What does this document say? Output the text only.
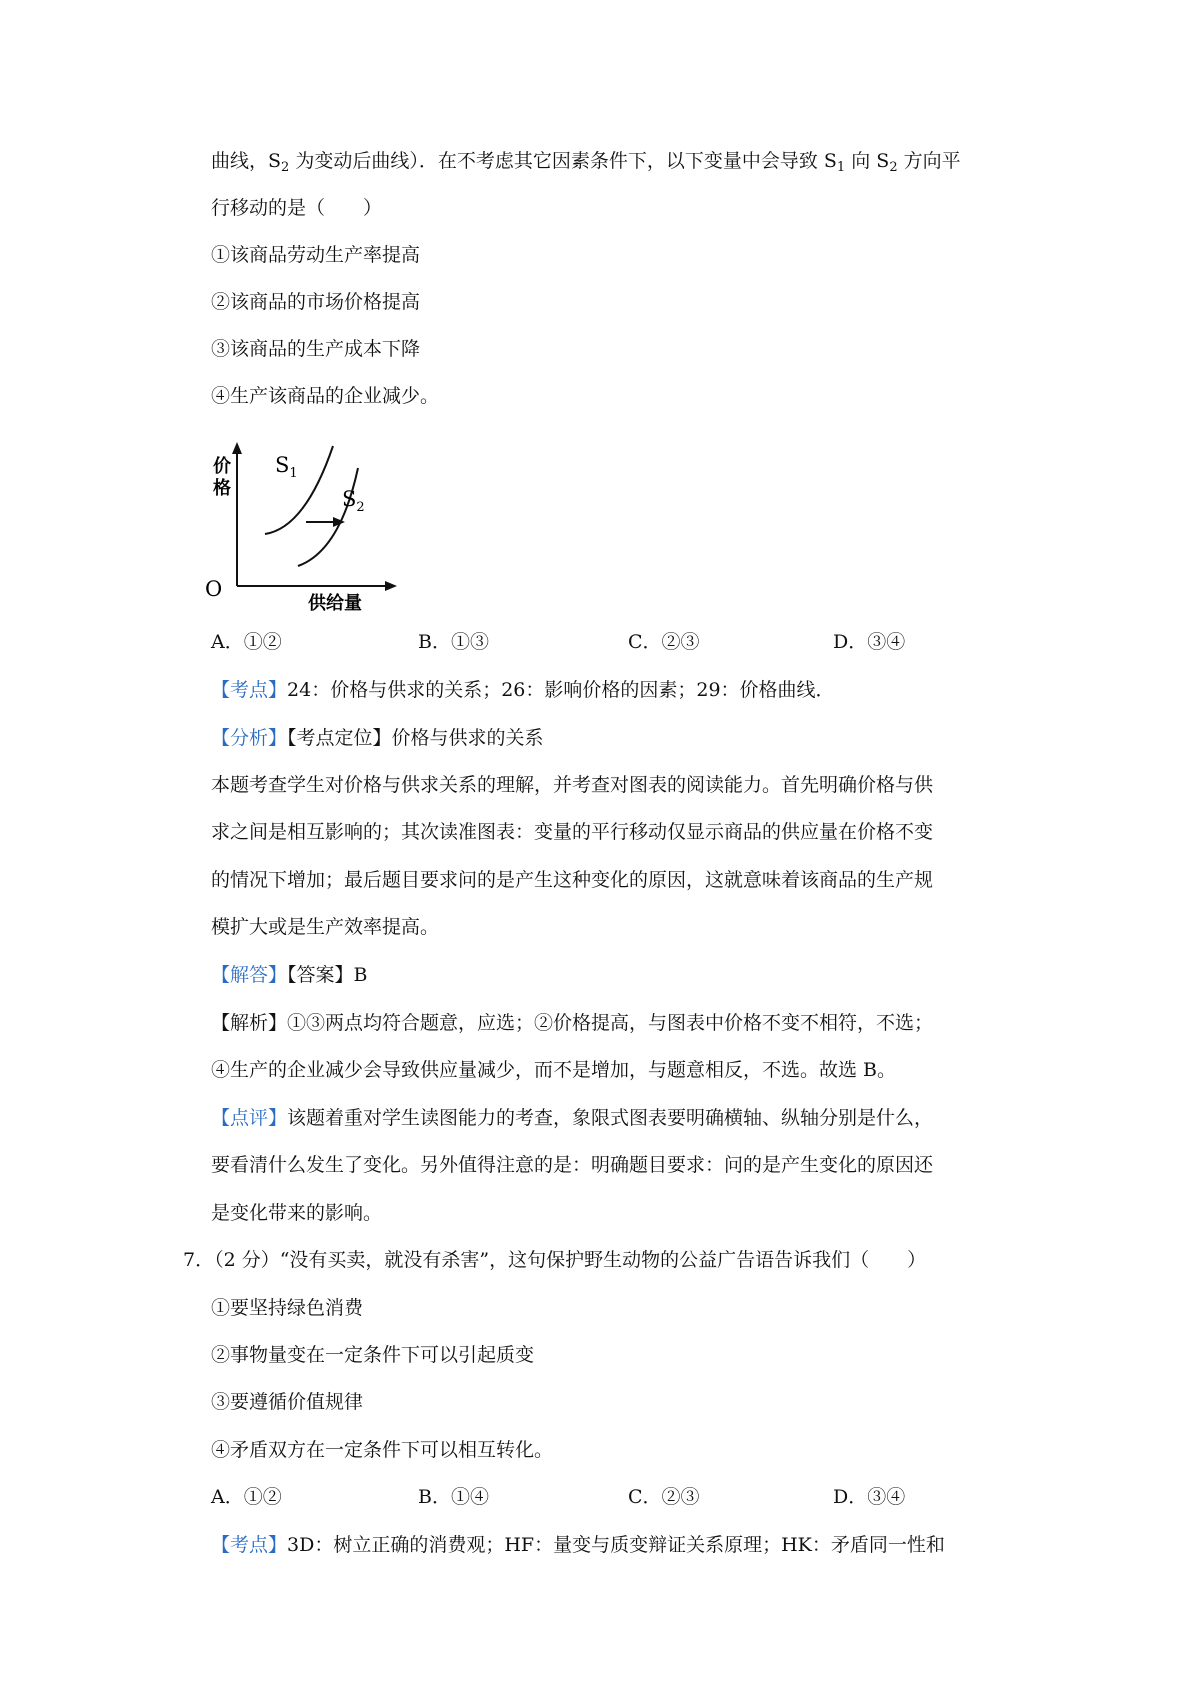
曲线，$S_2$ 为变动后曲线）．在不考虑其它因素条件下，以下变量中会导致 $S_1$ 向 $S_2$ 方向平
行移动的是（　　）
①该商品劳动生产率提高
②该商品的市场价格提高
③该商品的生产成本下降
④生产该商品的企业减少。
价
格
O
供给量
$S_1$
$S_2$
A．①②	B．①③	C．②③	D．③④
【考点】24：价格与供求的关系；26：影响价格的因素；29：价格曲线．
【分析】【考点定位】价格与供求的关系
本题考查学生对价格与供求关系的理解，并考查对图表的阅读能力。首先明确价格与供
求之间是相互影响的；其次读准图表：变量的平行移动仅显示商品的供应量在价格不变
的情况下增加；最后题目要求问的是产生这种变化的原因，这就意味着该商品的生产规
模扩大或是生产效率提高。
【解答】【答案】B
【解析】①③两点均符合题意，应选；②价格提高，与图表中价格不变不相符，不选；
④生产的企业减少会导致供应量减少，而不是增加，与题意相反，不选。故选 B。
【点评】该题着重对学生读图能力的考查，象限式图表要明确横轴、纵轴分别是什么，
要看清什么发生了变化。另外值得注意的是：明确题目要求：问的是产生变化的原因还
是变化带来的影响。
7．（2 分）“没有买卖，就没有杀害”，这句保护野生动物的公益广告语告诉我们（　　）
①要坚持绿色消费
②事物量变在一定条件下可以引起质变
③要遵循价值规律
④矛盾双方在一定条件下可以相互转化。
A．①②	B．①④	C．②③	D．③④
【考点】3D：树立正确的消费观；HF：量变与质变辩证关系原理；HK：矛盾同一性和
